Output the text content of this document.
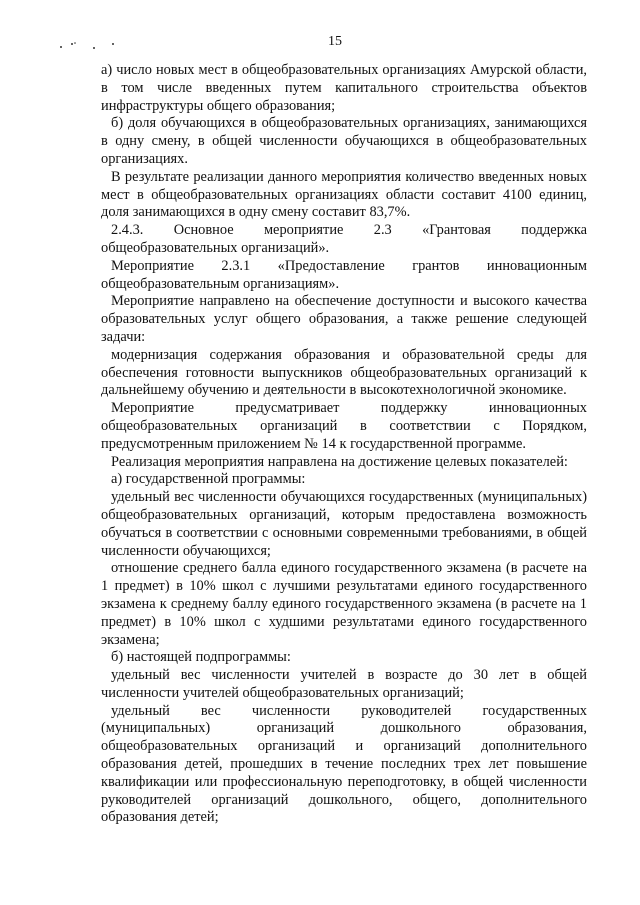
15

а) число новых мест в общеобразовательных организациях Амурской области, в том числе введенных путем капитального строительства объектов инфраструктуры общего образования;

б) доля обучающихся в общеобразовательных организациях, занимающихся в одну смену, в общей численности обучающихся в общеобразовательных организациях.

В результате реализации данного мероприятия количество введенных новых мест в общеобразовательных организациях области составит 4100 единиц, доля занимающихся в одну смену составит 83,7%.

2.4.3. Основное мероприятие 2.3 «Грантовая поддержка общеобразовательных организаций».

Мероприятие 2.3.1 «Предоставление грантов инновационным общеобразовательным организациям».

Мероприятие направлено на обеспечение доступности и высокого качества образовательных услуг общего образования, а также решение следующей задачи:

модернизация содержания образования и образовательной среды для обеспечения готовности выпускников общеобразовательных организаций к дальнейшему обучению и деятельности в высокотехнологичной экономике.

Мероприятие предусматривает поддержку инновационных общеобразовательных организаций в соответствии с Порядком, предусмотренным приложением № 14 к государственной программе.

Реализация мероприятия направлена на достижение целевых показателей:

а) государственной программы:

удельный вес численности обучающихся государственных (муниципальных) общеобразовательных организаций, которым предоставлена возможность обучаться в соответствии с основными современными требованиями, в общей численности обучающихся;

отношение среднего балла единого государственного экзамена (в расчете на 1 предмет) в 10% школ с лучшими результатами единого государственного экзамена к среднему баллу единого государственного экзамена (в расчете на 1 предмет) в 10% школ с худшими результатами единого государственного экзамена;

б) настоящей подпрограммы:

удельный вес численности учителей в возрасте до 30 лет в общей численности учителей общеобразовательных организаций;

удельный вес численности руководителей государственных (муниципальных) организаций дошкольного образования, общеобразовательных организаций и организаций дополнительного образования детей, прошедших в течение последних трех лет повышение квалификации или профессиональную переподготовку, в общей численности руководителей организаций дошкольного, общего, дополнительного образования детей;
